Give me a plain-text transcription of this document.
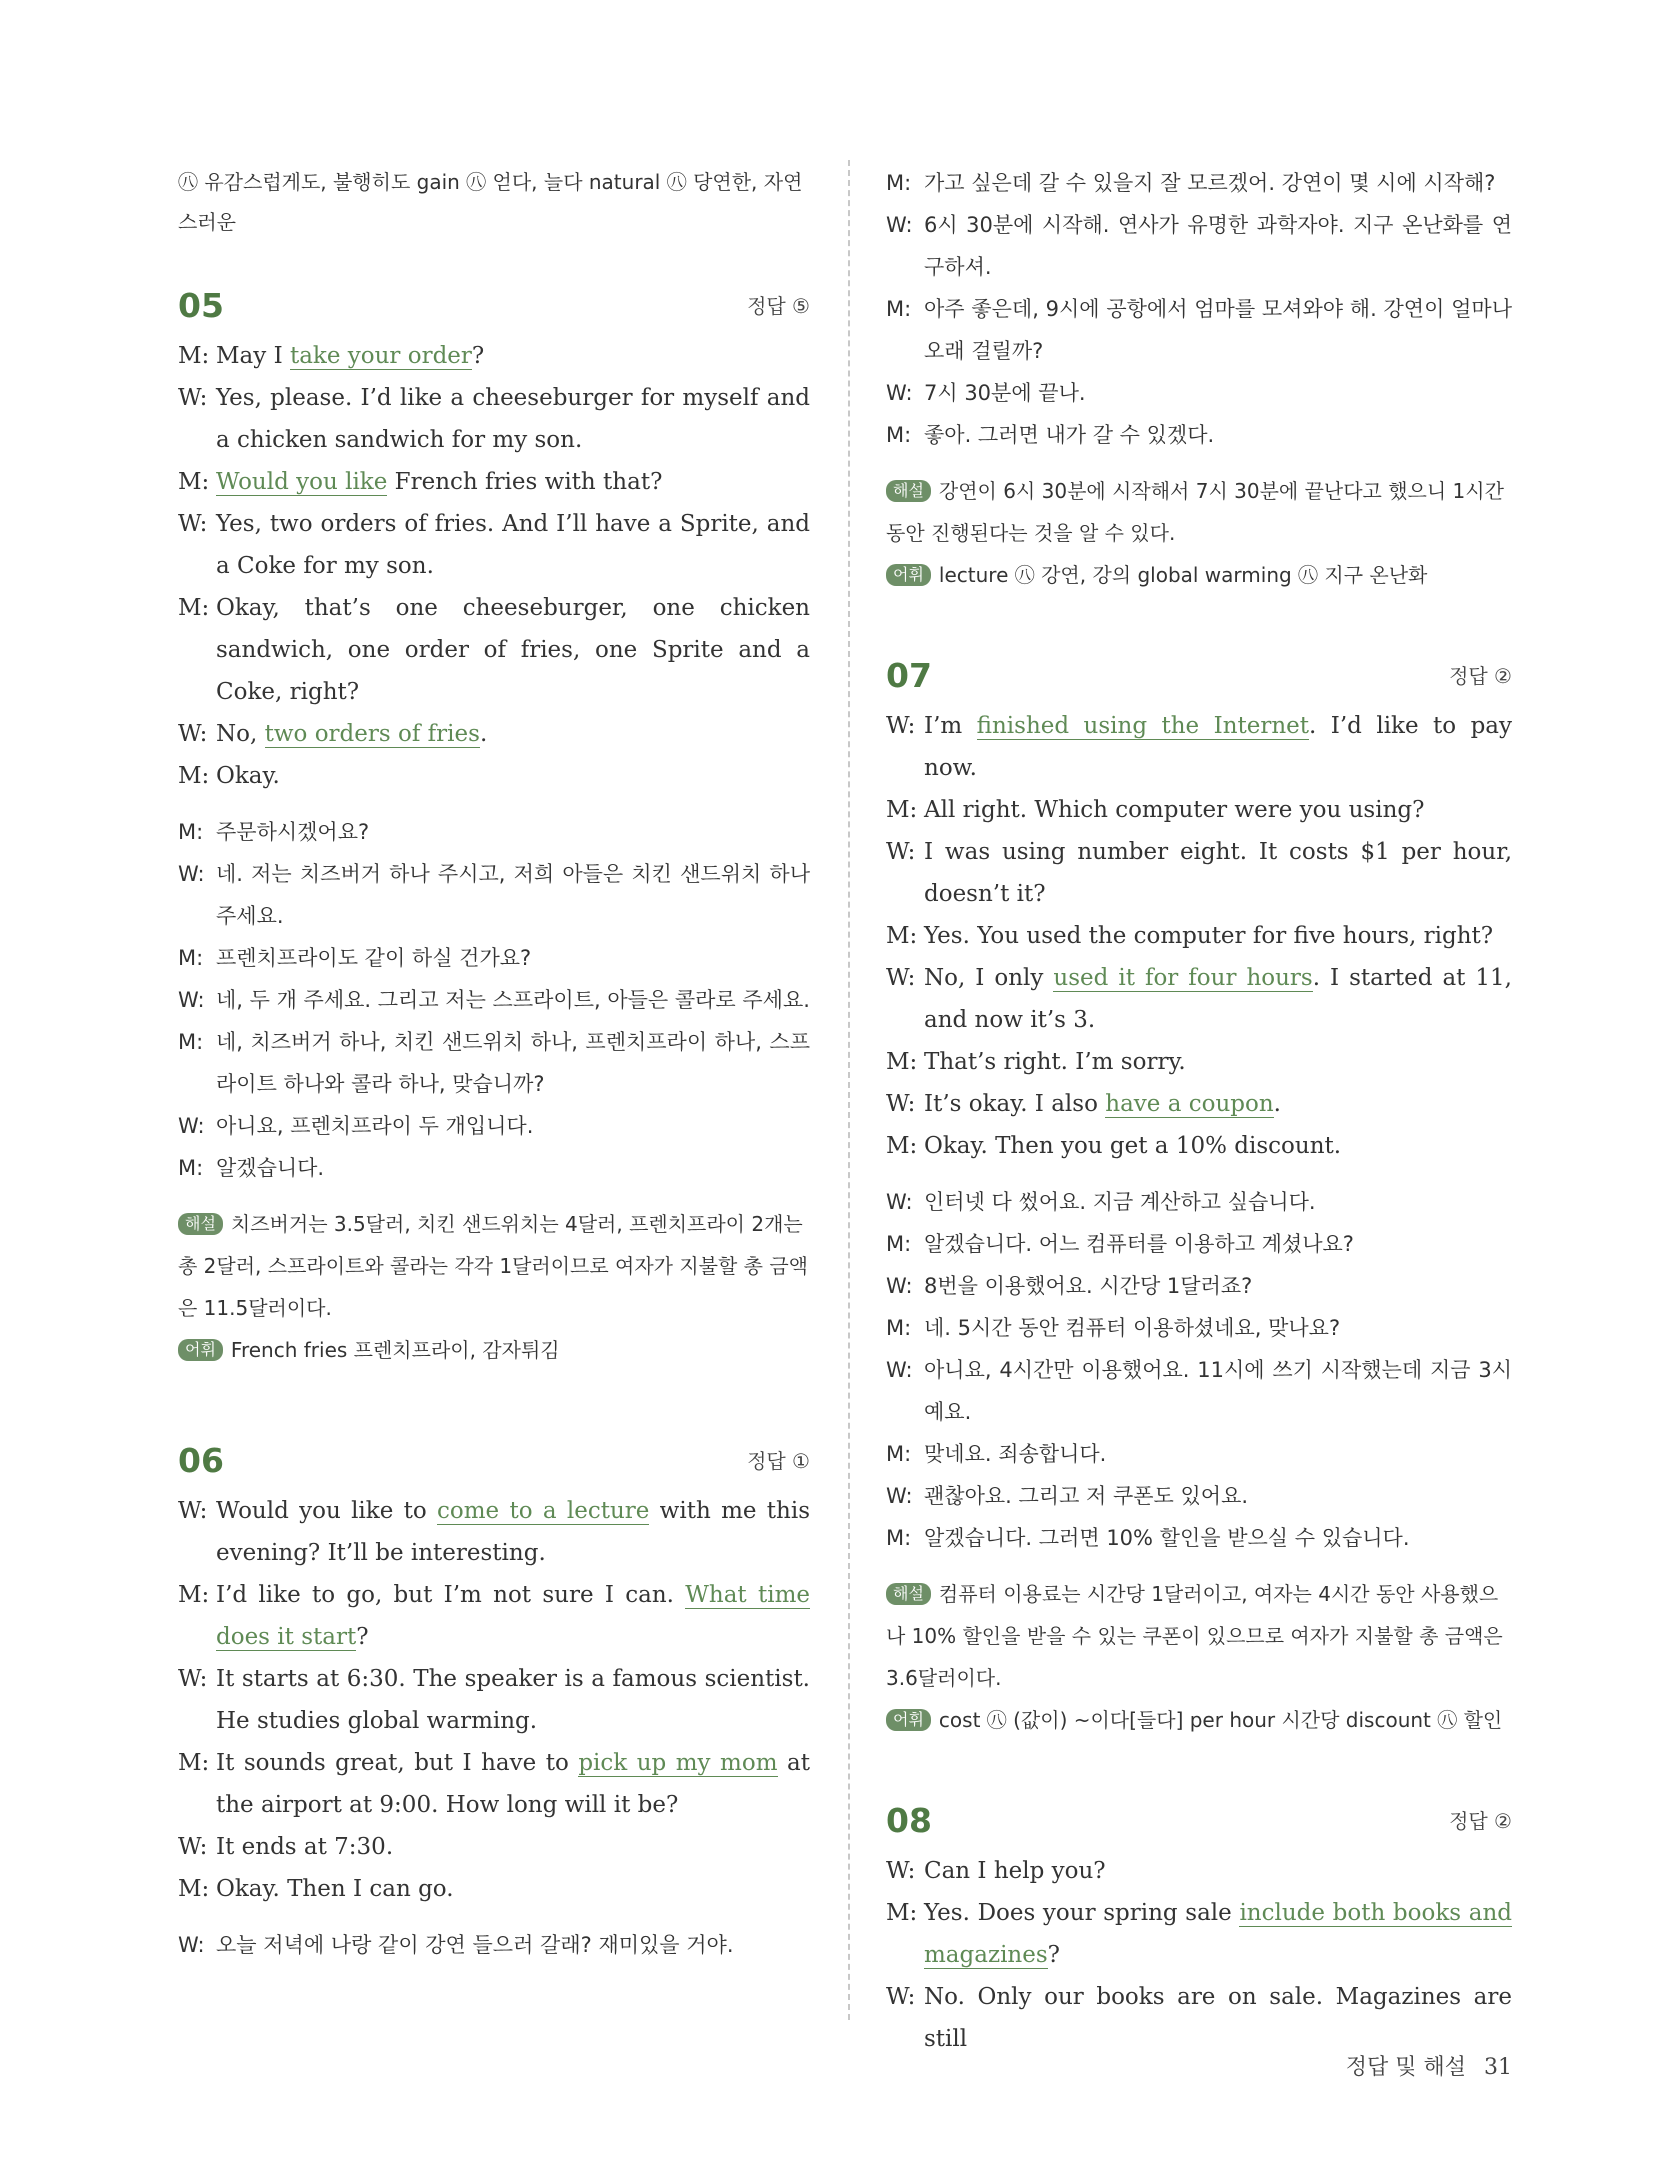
㊇ 유감스럽게도, 불행히도 gain ㊇ 얻다, 늘다 natural ㊇ 당연한, 자연스러운
05	정답 ⑤
M: May I take your order?
W: Yes, please. I’d like a cheeseburger for myself and a chicken sandwich for my son.
M: Would you like French fries with that?
W: Yes, two orders of fries. And I’ll have a Sprite, and a Coke for my son.
M: Okay, that’s one cheeseburger, one chicken sandwich, one order of fries, one Sprite and a Coke, right?
W: No, two orders of fries.
M: Okay.
M: 주문하시겠어요?
W: 네. 저는 치즈버거 하나 주시고, 저희 아들은 치킨 샌드위치 하나 주세요.
M: 프렌치프라이도 같이 하실 건가요?
W: 네, 두 개 주세요. 그리고 저는 스프라이트, 아들은 콜라로 주세요.
M: 네, 치즈버거 하나, 치킨 샌드위치 하나, 프렌치프라이 하나, 스프라이트 하나와 콜라 하나, 맞습니까?
W: 아니요, 프렌치프라이 두 개입니다.
M: 알겠습니다.
해설 치즈버거는 3.5달러, 치킨 샌드위치는 4달러, 프렌치프라이 2개는 총 2달러, 스프라이트와 콜라는 각각 1달러이므로 여자가 지불할 총 금액은 11.5달러이다.
어휘 French fries 프렌치프라이, 감자튀김
06	정답 ①
W: Would you like to come to a lecture with me this evening? It’ll be interesting.
M: I’d like to go, but I’m not sure I can. What time does it start?
W: It starts at 6:30. The speaker is a famous scientist. He studies global warming.
M: It sounds great, but I have to pick up my mom at the airport at 9:00. How long will it be?
W: It ends at 7:30.
M: Okay. Then I can go.
W: 오늘 저녁에 나랑 같이 강연 들으러 갈래? 재미있을 거야.
M: 가고 싶은데 갈 수 있을지 잘 모르겠어. 강연이 몇 시에 시작해?
W: 6시 30분에 시작해. 연사가 유명한 과학자야. 지구 온난화를 연구하셔.
M: 아주 좋은데, 9시에 공항에서 엄마를 모셔와야 해. 강연이 얼마나 오래 걸릴까?
W: 7시 30분에 끝나.
M: 좋아. 그러면 내가 갈 수 있겠다.
해설 강연이 6시 30분에 시작해서 7시 30분에 끝난다고 했으니 1시간 동안 진행된다는 것을 알 수 있다.
어휘 lecture ㊇ 강연, 강의 global warming ㊇ 지구 온난화
07	정답 ②
W: I’m finished using the Internet. I’d like to pay now.
M: All right. Which computer were you using?
W: I was using number eight. It costs $1 per hour, doesn’t it?
M: Yes. You used the computer for five hours, right?
W: No, I only used it for four hours. I started at 11, and now it’s 3.
M: That’s right. I’m sorry.
W: It’s okay. I also have a coupon.
M: Okay. Then you get a 10% discount.
W: 인터넷 다 썼어요. 지금 계산하고 싶습니다.
M: 알겠습니다. 어느 컴퓨터를 이용하고 계셨나요?
W: 8번을 이용했어요. 시간당 1달러죠?
M: 네. 5시간 동안 컴퓨터 이용하셨네요, 맞나요?
W: 아니요, 4시간만 이용했어요. 11시에 쓰기 시작했는데 지금 3시예요.
M: 맞네요. 죄송합니다.
W: 괜찮아요. 그리고 저 쿠폰도 있어요.
M: 알겠습니다. 그러면 10% 할인을 받으실 수 있습니다.
해설 컴퓨터 이용료는 시간당 1달러이고, 여자는 4시간 동안 사용했으나 10% 할인을 받을 수 있는 쿠폰이 있으므로 여자가 지불할 총 금액은 3.6달러이다.
어휘 cost ㊇ (값이) ~이다[들다] per hour 시간당 discount ㊇ 할인
08	정답 ②
W: Can I help you?
M: Yes. Does your spring sale include both books and magazines?
W: No. Only our books are on sale. Magazines are still
정답 및 해설 31
